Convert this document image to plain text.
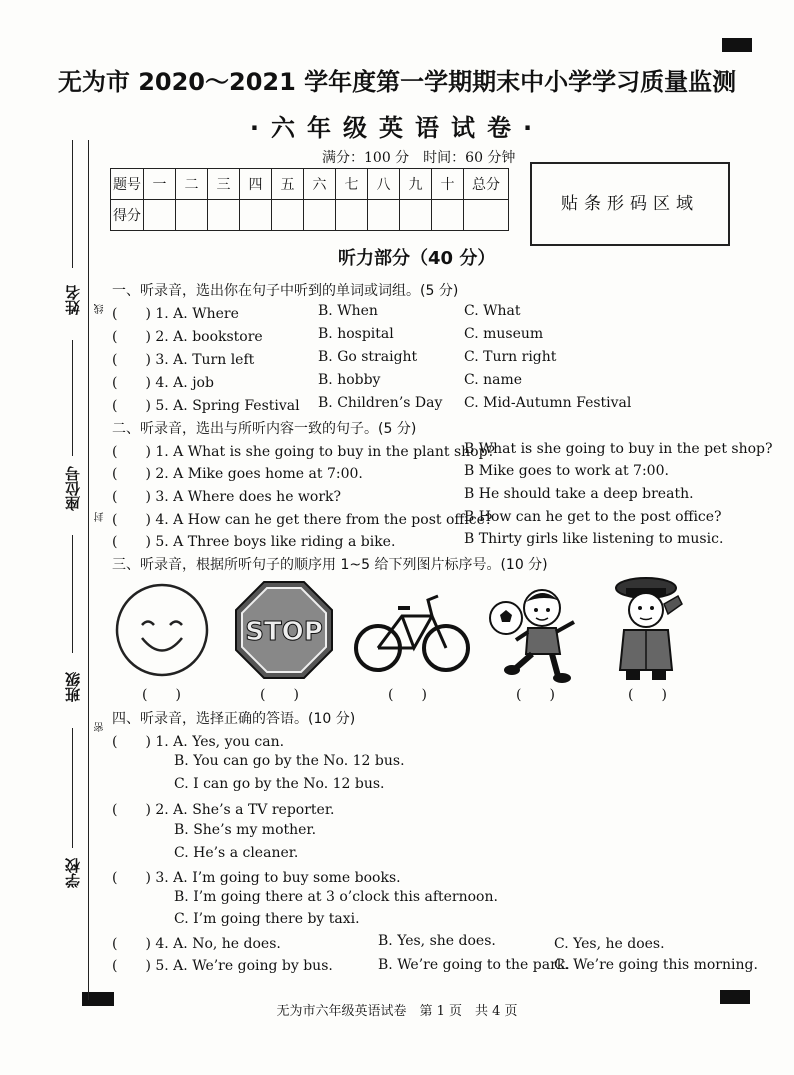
无为市 2020～2021 学年度第一学期期末中小学学习质量监测
·六年级英语试卷·
满分：100 分　时间：60 分钟
题号	一	二	三	四	五	六	七	八	九	十	总分
得分											
贴条形码区域
姓名 线
座位号
封
班级
密
学校
听力部分（40 分）
一、听录音，选出你在句子中听到的单词或词组。(5 分)
(　　) 1. A. Where	B. When	C. What
(　　) 2. A. bookstore	B. hospital	C. museum
(　　) 3. A. Turn left	B. Go straight	C. Turn right
(　　) 4. A. job	B. hobby	C. name
(　　) 5. A. Spring Festival B. Children’s Day C. Mid-Autumn Festival
二、听录音，选出与所听内容一致的句子。(5 分)
(　　) 1. A What is she going to buy in the plant shop?
B What is she going to buy in the pet shop?
(　　) 2. A Mike goes home at 7:00.	B Mike goes to work at 7:00.
(　　) 3. A Where does he work?	B He should take a deep breath.
(　　) 4. A How can he get there from the post office?
B How can he get to the post office?
(　　) 5. A Three boys like riding a bike.	B Thirty girls like listening to music.
三、听录音，根据所听句子的顺序用 1~5 给下列图片标序号。(10 分)
STOP
(　　)	(　　)	(　　)	(　　)	(　　)
四、听录音，选择正确的答语。(10 分)
(　　) 1. A. Yes, you can.
B. You can go by the No. 12 bus.
C. I can go by the No. 12 bus.
(　　) 2. A. She’s a TV reporter.
B. She’s my mother.
C. He’s a cleaner.
(　　) 3. A. I’m going to buy some books.
B. I’m going there at 3 o’clock this afternoon.
C. I’m going there by taxi.
(　　) 4. A. No, he does.	B. Yes, she does.	C. Yes, he does.
(　　) 5. A. We’re going by bus.	B. We’re going to the park.
C. We’re going this morning.
无为市六年级英语试卷　第 1 页　共 4 页
